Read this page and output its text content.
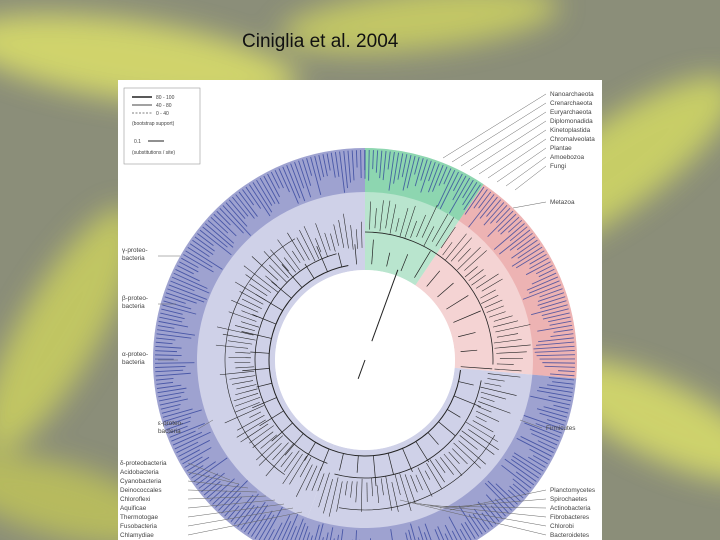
Ciniglia et al. 2004
80 - 100
40 - 80
0 - 40
(bootstrap support)
0.1
(substitutions / site)
Nanoarchaeota
Crenarchaeota
Euryarchaeota
Diplomonadida
Kinetoplastida
Chromalveolata
Plantae
Amoebozoa
Fungi
Metazoa
Firmicutes
Planctomycetes
Spirochaetes
Actinobacteria
Fibrobacteres
Chlorobi
Bacteroidetes
γ-proteo-
bacteria
β-proteo-
bacteria
α-proteo-
bacteria
ε-proteo-
bacteria
δ-proteobacteria
Acidobacteria
Cyanobacteria
Deinococcales
Chloroflexi
Aquificae
Thermotogae
Fusobacteria
Chlamydiae
